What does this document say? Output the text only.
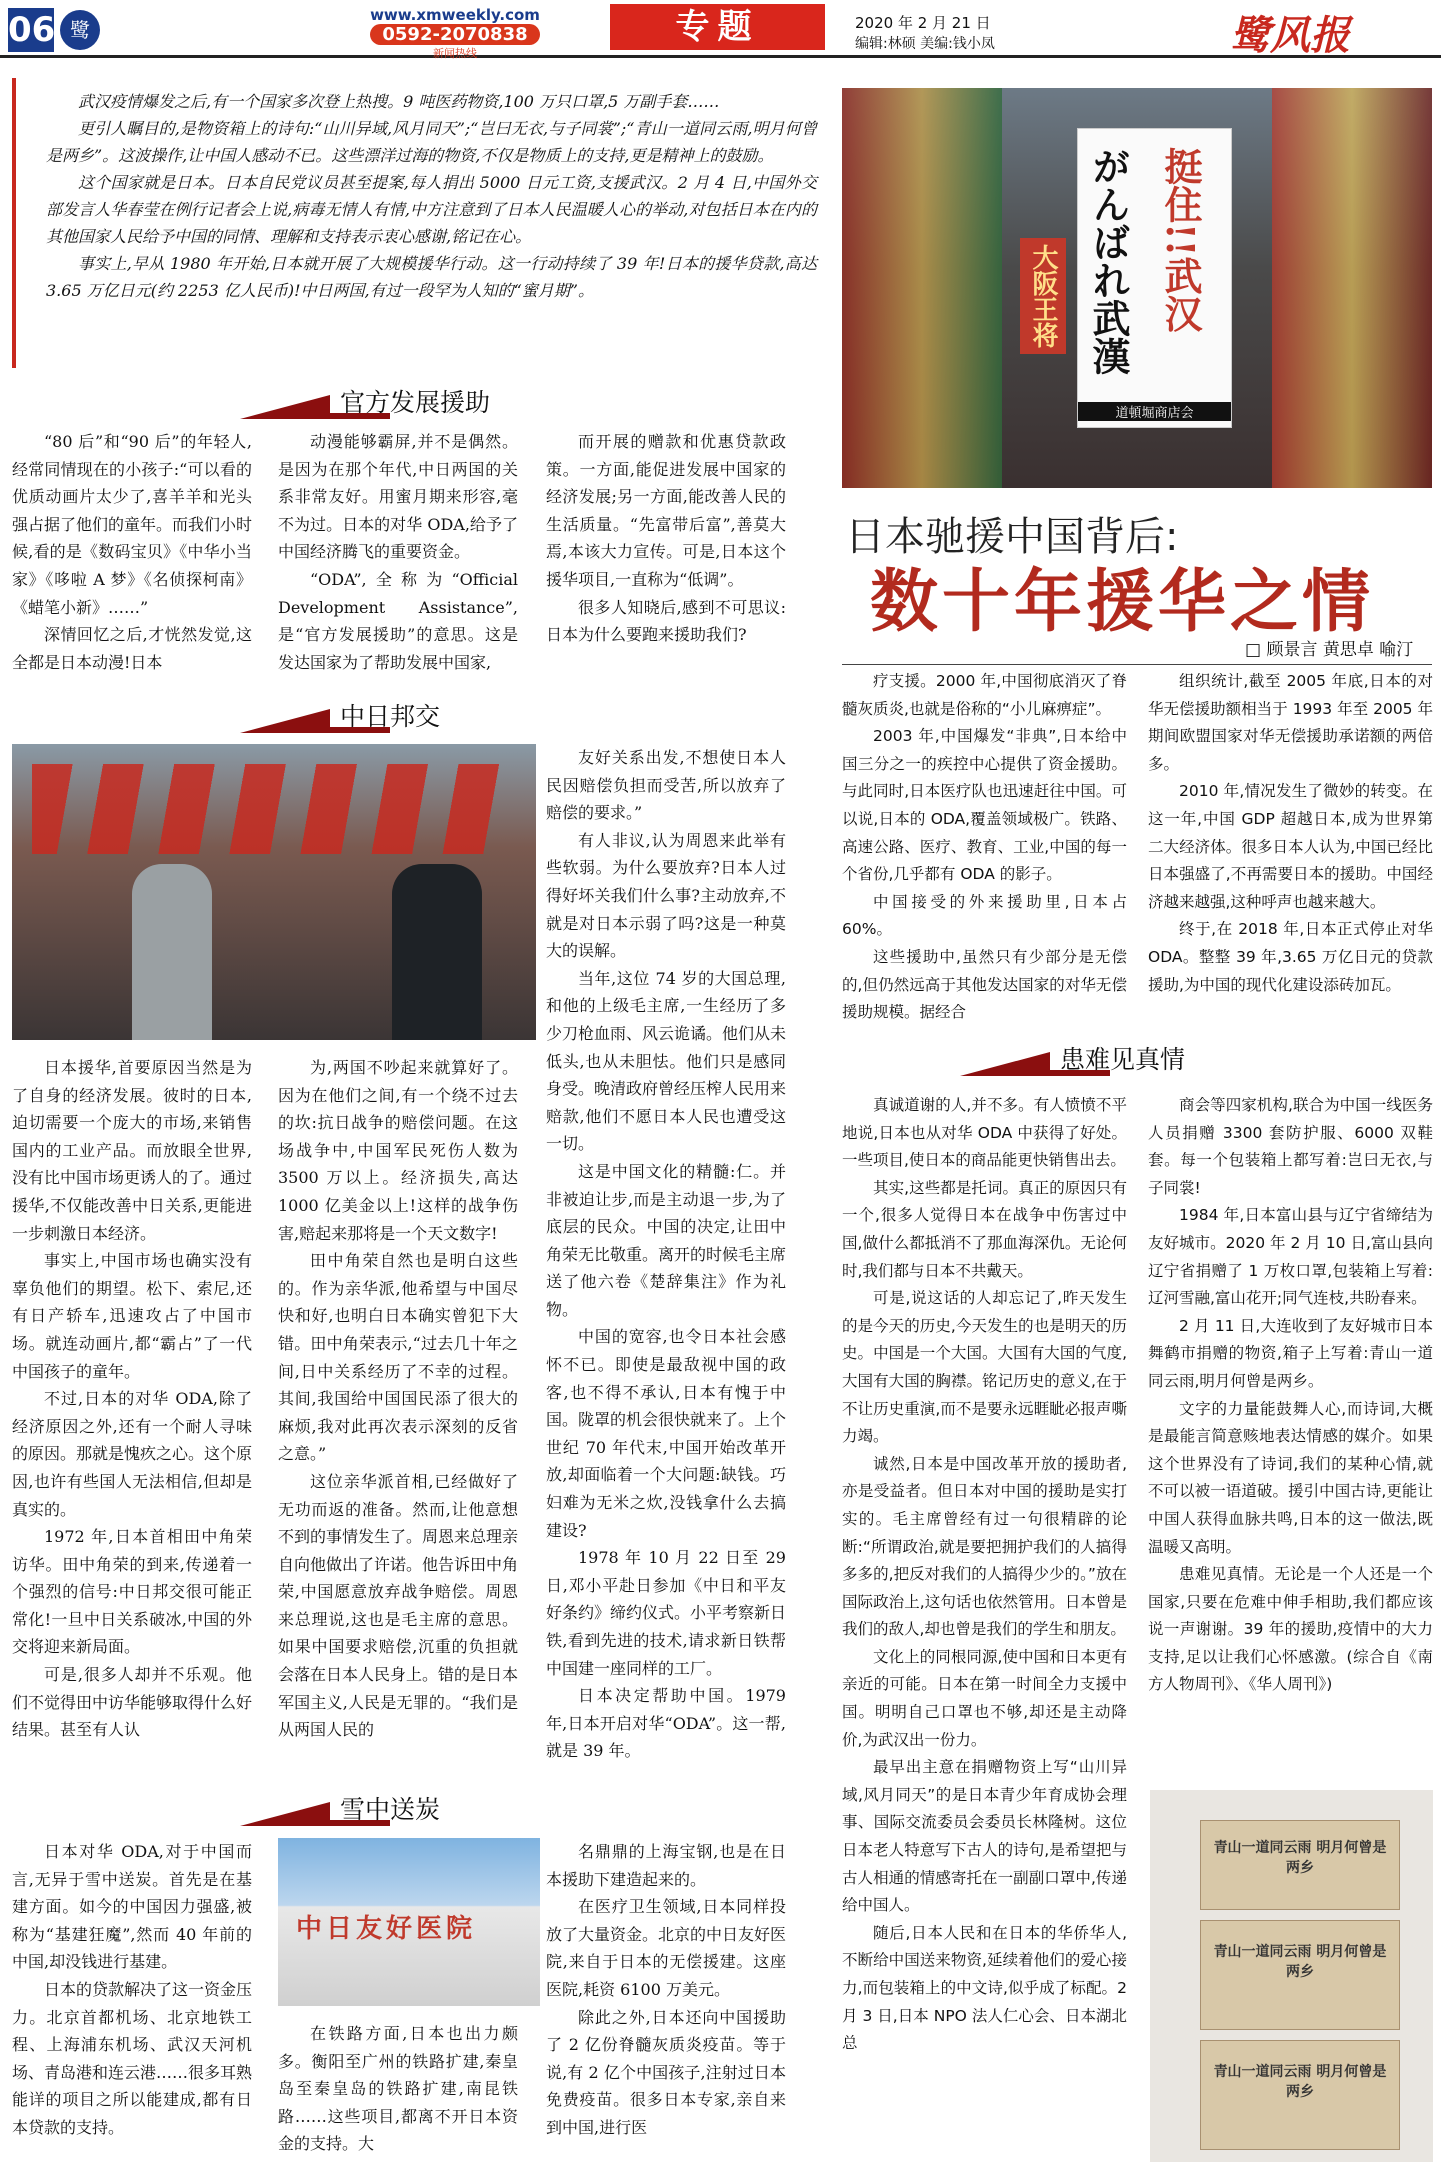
06 鹭
www.xmweekly.com
0592-2070838
新闻热线
专题	2020 年 2 月 21 日
编辑:林硕 美编:钱小凤	鹭风报

武汉疫情爆发之后,有一个国家多次登上热搜。9 吨医药物资,100 万只口罩,5 万副手套……

更引人瞩目的,是物资箱上的诗句:“山川异域,风月同天”;“岂曰无衣,与子同裳”;“青山一道同云雨,明月何曾是两乡”。这波操作,让中国人感动不已。这些漂洋过海的物资,不仅是物质上的支持,更是精神上的鼓励。

这个国家就是日本。日本自民党议员甚至提案,每人捐出 5000 日元工资,支援武汉。2 月 4 日,中国外交部发言人华春莹在例行记者会上说,病毒无情人有情,中方注意到了日本人民温暖人心的举动,对包括日本在内的其他国家人民给予中国的同情、理解和支持表示衷心感谢,铭记在心。

事实上,早从 1980 年开始,日本就开展了大规模援华行动。这一行动持续了 39 年!日本的援华贷款,高达 3.65 万亿日元(约 2253 亿人民币)!中日两国,有过一段罕为人知的“蜜月期”。	大阪王将 がんばれ武漢 挺住!!武汉
道頓堀商店会
日本驰援中国背后:
数十年援华之情
□ 顾景言 黄思卓 喻汀
官方发展援助

“80 后”和“90 后”的年轻人,经常同情现在的小孩子:“可以看的优质动画片太少了,喜羊羊和光头强占据了他们的童年。而我们小时候,看的是《数码宝贝》《中华小当家》《哆啦 A 梦》《名侦探柯南》《蜡笔小新》……”

深情回忆之后,才恍然发觉,这全都是日本动漫!日本

动漫能够霸屏,并不是偶然。是因为在那个年代,中日两国的关系非常友好。用蜜月期来形容,毫不为过。日本的对华 ODA,给予了中国经济腾飞的重要资金。

“ODA”,全称为“Official Development Assistance”,是“官方发展援助”的意思。这是发达国家为了帮助发展中国家,

而开展的赠款和优惠贷款政策。一方面,能促进发展中国家的经济发展;另一方面,能改善人民的生活质量。“先富带后富”,善莫大焉,本该大力宣传。可是,日本这个援华项目,一直称为“低调”。

很多人知晓后,感到不可思议:日本为什么要跑来援助我们?

中日邦交

日本援华,首要原因当然是为了自身的经济发展。彼时的日本,迫切需要一个庞大的市场,来销售国内的工业产品。而放眼全世界,没有比中国市场更诱人的了。通过援华,不仅能改善中日关系,更能进一步刺激日本经济。

事实上,中国市场也确实没有辜负他们的期望。松下、索尼,还有日产轿车,迅速攻占了中国市场。就连动画片,都“霸占”了一代中国孩子的童年。

不过,日本的对华 ODA,除了经济原因之外,还有一个耐人寻味的原因。那就是愧疚之心。这个原因,也许有些国人无法相信,但却是真实的。

1972 年,日本首相田中角荣访华。田中角荣的到来,传递着一个强烈的信号:中日邦交很可能正常化!一旦中日关系破冰,中国的外交将迎来新局面。

可是,很多人却并不乐观。他们不觉得田中访华能够取得什么好结果。甚至有人认

为,两国不吵起来就算好了。因为在他们之间,有一个绕不过去的坎:抗日战争的赔偿问题。在这场战争中,中国军民死伤人数为 3500 万以上。经济损失,高达 1000 亿美金以上!这样的战争伤害,赔起来那将是一个天文数字!

田中角荣自然也是明白这些的。作为亲华派,他希望与中国尽快和好,也明白日本确实曾犯下大错。田中角荣表示,“过去几十年之间,日中关系经历了不幸的过程。其间,我国给中国国民添了很大的麻烦,我对此再次表示深刻的反省之意。”

这位亲华派首相,已经做好了无功而返的准备。然而,让他意想不到的事情发生了。周恩来总理亲自向他做出了许诺。他告诉田中角荣,中国愿意放弃战争赔偿。周恩来总理说,这也是毛主席的意思。如果中国要求赔偿,沉重的负担就会落在日本人民身上。错的是日本军国主义,人民是无罪的。“我们是从两国人民的

友好关系出发,不想使日本人民因赔偿负担而受苦,所以放弃了赔偿的要求。”

有人非议,认为周恩来此举有些软弱。为什么要放弃?日本人过得好坏关我们什么事?主动放弃,不就是对日本示弱了吗?这是一种莫大的误解。

当年,这位 74 岁的大国总理,和他的上级毛主席,一生经历了多少刀枪血雨、风云诡谲。他们从未低头,也从未胆怯。他们只是感同身受。晚清政府曾经压榨人民用来赔款,他们不愿日本人民也遭受这一切。

这是中国文化的精髓:仁。并非被迫让步,而是主动退一步,为了底层的民众。中国的决定,让田中角荣无比敬重。离开的时候毛主席送了他六卷《楚辞集注》作为礼物。

中国的宽容,也令日本社会感怀不已。即使是最敌视中国的政客,也不得不承认,日本有愧于中国。陇罩的机会很快就来了。上个世纪 70 年代末,中国开始改革开放,却面临着一个大问题:缺钱。巧妇难为无米之炊,没钱拿什么去搞建设?

1978 年 10 月 22 日至 29 日,邓小平赴日参加《中日和平友好条约》缔约仪式。小平考察新日铁,看到先进的技术,请求新日铁帮中国建一座同样的工厂。

日本决定帮助中国。1979 年,日本开启对华“ODA”。这一帮,就是 39 年。

雪中送炭

日本对华 ODA,对于中国而言,无异于雪中送炭。首先是在基建方面。如今的中国因力强盛,被称为“基建狂魔”,然而 40 年前的中国,却没钱进行基建。

日本的贷款解决了这一资金压力。北京首都机场、北京地铁工程、上海浦东机场、武汉天河机场、青岛港和连云港……很多耳熟能详的项目之所以能建成,都有日本贷款的支持。

中日友好医院

在铁路方面,日本也出力颇多。衡阳至广州的铁路扩建,秦皇岛至秦皇岛的铁路扩建,南昆铁路……这些项目,都离不开日本资金的支持。大

名鼎鼎的上海宝钢,也是在日本援助下建造起来的。

在医疗卫生领域,日本同样投放了大量资金。北京的中日友好医院,来自于日本的无偿援建。这座医院,耗资 6100 万美元。

除此之外,日本还向中国援助了 2 亿份脊髓灰质炎疫苗。等于说,有 2 亿个中国孩子,注射过日本免费疫苗。很多日本专家,亲自来到中国,进行医

疗支援。2000 年,中国彻底消灭了脊髓灰质炎,也就是俗称的“小儿麻痹症”。

2003 年,中国爆发“非典”,日本给中国三分之一的疾控中心提供了资金援助。与此同时,日本医疗队也迅速赶往中国。可以说,日本的 ODA,覆盖领域极广。铁路、高速公路、医疗、教育、工业,中国的每一个省份,几乎都有 ODA 的影子。

中国接受的外来援助里,日本占 60%。

这些援助中,虽然只有少部分是无偿的,但仍然远高于其他发达国家的对华无偿援助规模。据经合

组织统计,截至 2005 年底,日本的对华无偿援助额相当于 1993 年至 2005 年期间欧盟国家对华无偿援助承诺额的两倍多。

2010 年,情况发生了微妙的转变。在这一年,中国 GDP 超越日本,成为世界第二大经济体。很多日本人认为,中国已经比日本强盛了,不再需要日本的援助。中国经济越来越强,这种呼声也越来越大。

终于,在 2018 年,日本正式停止对华 ODA。整整 39 年,3.65 万亿日元的贷款援助,为中国的现代化建设添砖加瓦。

患难见真情

真诚道谢的人,并不多。有人愤愤不平地说,日本也从对华 ODA 中获得了好处。一些项目,使日本的商品能更快销售出去。

其实,这些都是托词。真正的原因只有一个,很多人觉得日本在战争中伤害过中国,做什么都抵消不了那血海深仇。无论何时,我们都与日本不共戴天。

可是,说这话的人却忘记了,昨天发生的是今天的历史,今天发生的也是明天的历史。中国是一个大国。大国有大国的气度,大国有大国的胸襟。铭记历史的意义,在于不让历史重演,而不是要永远睚眦必报声嘶力竭。

诚然,日本是中国改革开放的援助者,亦是受益者。但日本对中国的援助是实打实的。毛主席曾经有过一句很精辟的论断:“所谓政治,就是要把拥护我们的人搞得多多的,把反对我们的人搞得少少的。”放在国际政治上,这句话也依然管用。日本曾是我们的敌人,却也曾是我们的学生和朋友。

文化上的同根同源,使中国和日本更有亲近的可能。日本在第一时间全力支援中国。明明自己口罩也不够,却还是主动降价,为武汉出一份力。

最早出主意在捐赠物资上写“山川异域,风月同天”的是日本青少年育成协会理事、国际交流委员会委员长林隆树。这位日本老人特意写下古人的诗句,是希望把与古人相通的情感寄托在一副副口罩中,传递给中国人。

随后,日本人民和在日本的华侨华人,不断给中国送来物资,延续着他们的爱心接力,而包装箱上的中文诗,似乎成了标配。2 月 3 日,日本 NPO 法人仁心会、日本湖北总

商会等四家机构,联合为中国一线医务人员捐赠 3300 套防护服、6000 双鞋套。每一个包装箱上都写着:岂曰无衣,与子同裳!

1984 年,日本富山县与辽宁省缔结为友好城市。2020 年 2 月 10 日,富山县向辽宁省捐赠了 1 万枚口罩,包装箱上写着:辽河雪融,富山花开;同气连枝,共盼春来。

2 月 11 日,大连收到了友好城市日本舞鹤市捐赠的物资,箱子上写着:青山一道同云雨,明月何曾是两乡。

文字的力量能鼓舞人心,而诗词,大概是最能言简意赅地表达情感的媒介。如果这个世界没有了诗词,我们的某种心情,就不可以被一语道破。援引中国古诗,更能让中国人获得血脉共鸣,日本的这一做法,既温暖又高明。

患难见真情。无论是一个人还是一个国家,只要在危难中伸手相助,我们都应该说一声谢谢。39 年的援助,疫情中的大力支持,足以让我们心怀感激。(综合自《南方人物周刊》、《华人周刊》)

青山一道同云雨 明月何曾是两乡
青山一道同云雨 明月何曾是两乡
青山一道同云雨 明月何曾是两乡
